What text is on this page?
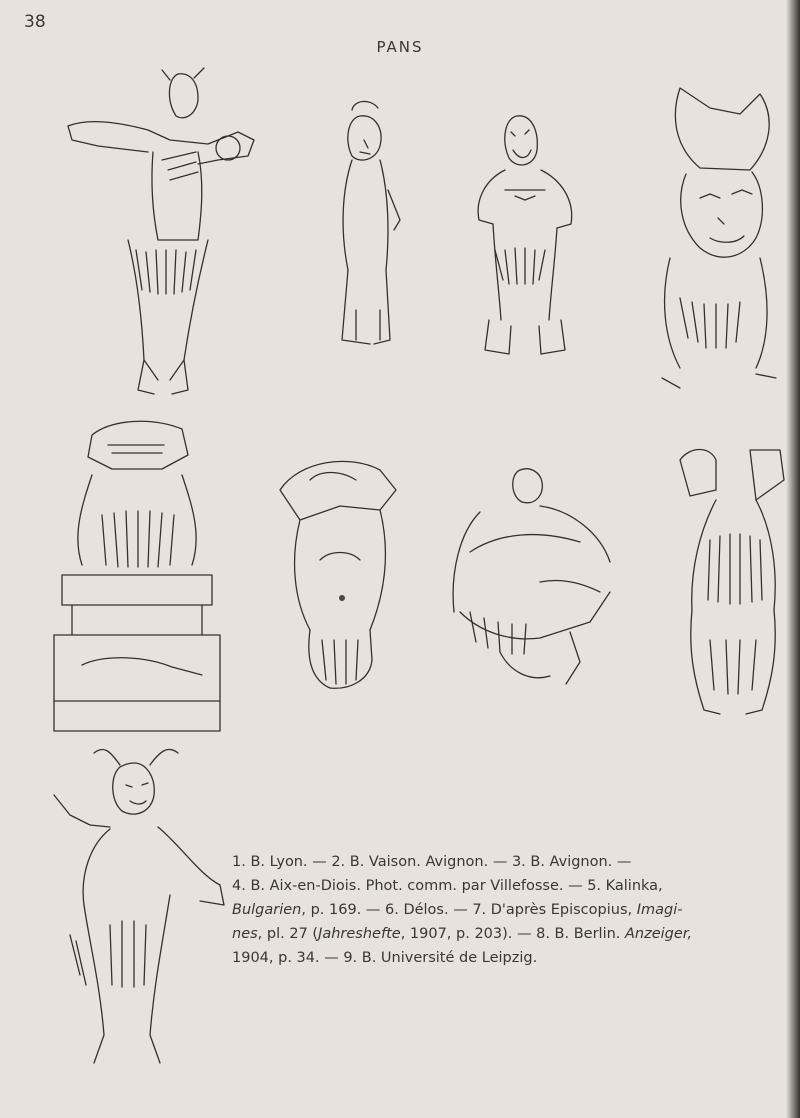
38
PANS

1. B. Lyon. — 2. B. Vaison. Avignon. — 3. B. Avignon. —

4. B. Aix-en-Diois. Phot. comm. par Villefosse. — 5. Kalinka,

Bulgarien, p. 169. — 6. Délos. — 7. D'après Episcopius, Imagi-

nes, pl. 27 (Jahreshefte, 1907, p. 203). — 8. B. Berlin. Anzeiger,

1904, p. 34. — 9. B. Université de Leipzig.
